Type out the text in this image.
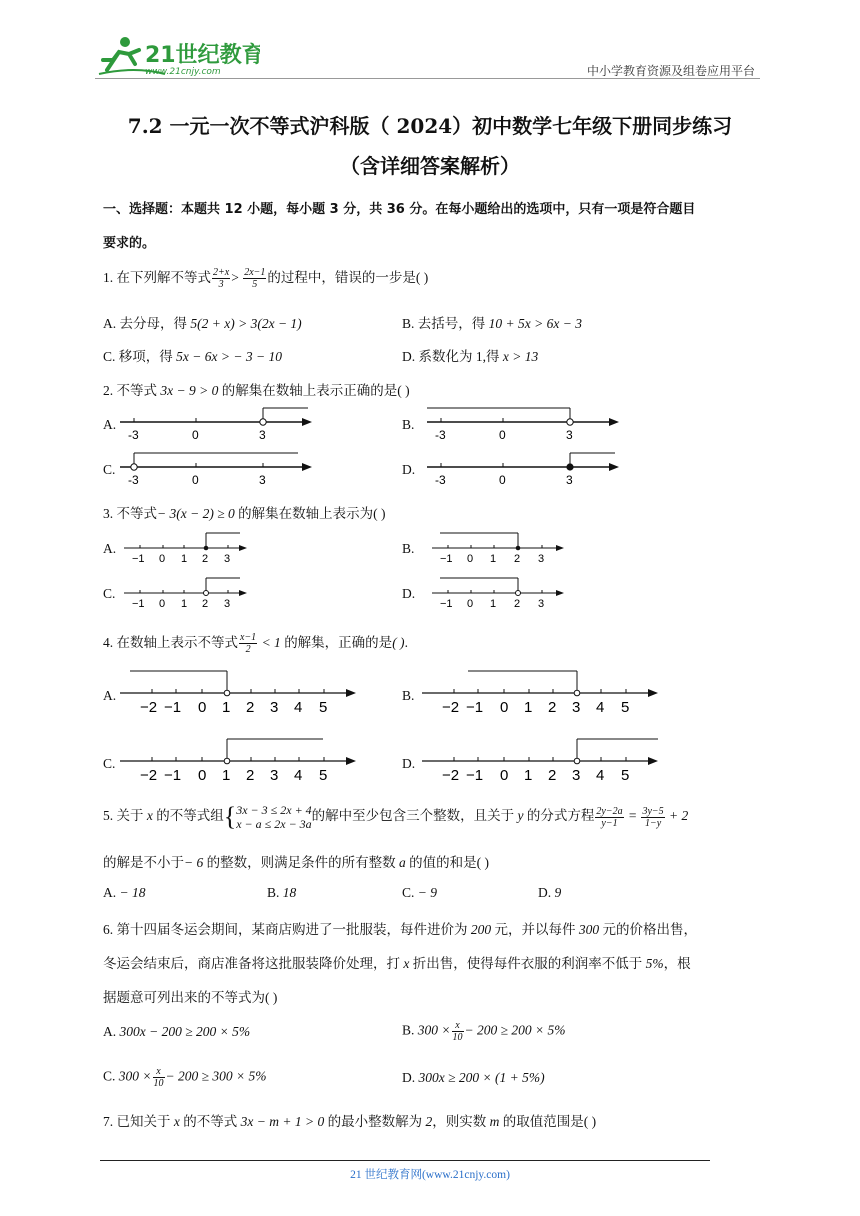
21世纪教育
www.21cnjy.com	中小学教育资源及组卷应用平台
7.2 一元一次不等式沪科版（ 2024）初中数学七年级下册同步练习
（含详细答案解析）
一、选择题：本题共 12 小题，每小题 3 分，共 36 分。在每小题给出的选项中，只有一项是符合题目
要求的。
1. 在下列解不等式 $\frac{2+x}{3} > \frac{2x-1}{5}$ 的过程中，错误的一步是( )
A. 去分母，得 5(2 + x) > 3(2x − 1)	B. 去括号，得 10 + 5x > 6x − 3
C. 移项，得 5x − 6x > − 3 − 10	D. 系数化为 1,得 x > 13
2. 不等式 3x − 9 > 0 的解集在数轴上表示正确的是( )
A.
-3	0	3
B.
-3	0	3
C.
-3	0	3
D.
-3	0	3
3. 不等式− 3(x − 2) ≥ 0 的解集在数轴上表示为( )
A.
−1 0 1 2 3
B.
−1 0 1 2 3
C.
−1 0 1 2 3
D.
−1 0 1 2 3
4. 在数轴上表示不等式 $\frac{x-1}{2} < 1$ 的解集，正确的是( ).
A.
−2 −1 0 1 2 3 4 5
B.
−2 −1 0 1 2 3 4 5
C.
−2 −1 0 1 2 3 4 5
D.
−2 −1 0 1 2 3 4 5
5. 关于 x 的不等式组{ 3x − 3 ≤ 2x + 4
x − a ≤ 2x − 3a
的解中至少包含三个整数，且关于 y 的分式方程 $\frac{2y-2a}{y-1} = \frac{3y-5}{1-y} + 2$
的解是不小于− 6 的整数，则满足条件的所有整数 a 的值的和是( )
A. − 18	B. 18	C. − 9	D. 9
6. 第十四届冬运会期间，某商店购进了一批服装，每件进价为 200 元，并以每件 300 元的价格出售，
冬运会结束后，商店准备将这批服装降价处理，打 x 折出售，使得每件衣服的利润率不低于 5%，根
据题意可列出来的不等式为( )
A. 300x − 200 ≥ 200 × 5%	B. $300 \times \frac{x}{10} - 200 \ge 200 \times 5\%$
C. $300 \times \frac{x}{10} - 200 \ge 300 \times 5\%$	D. 300x ≥ 200 × (1 + 5%)
7. 已知关于 x 的不等式 3x − m + 1 > 0 的最小整数解为 2，则实数 m 的取值范围是( )
21 世纪教育网(www.21cnjy.com)
